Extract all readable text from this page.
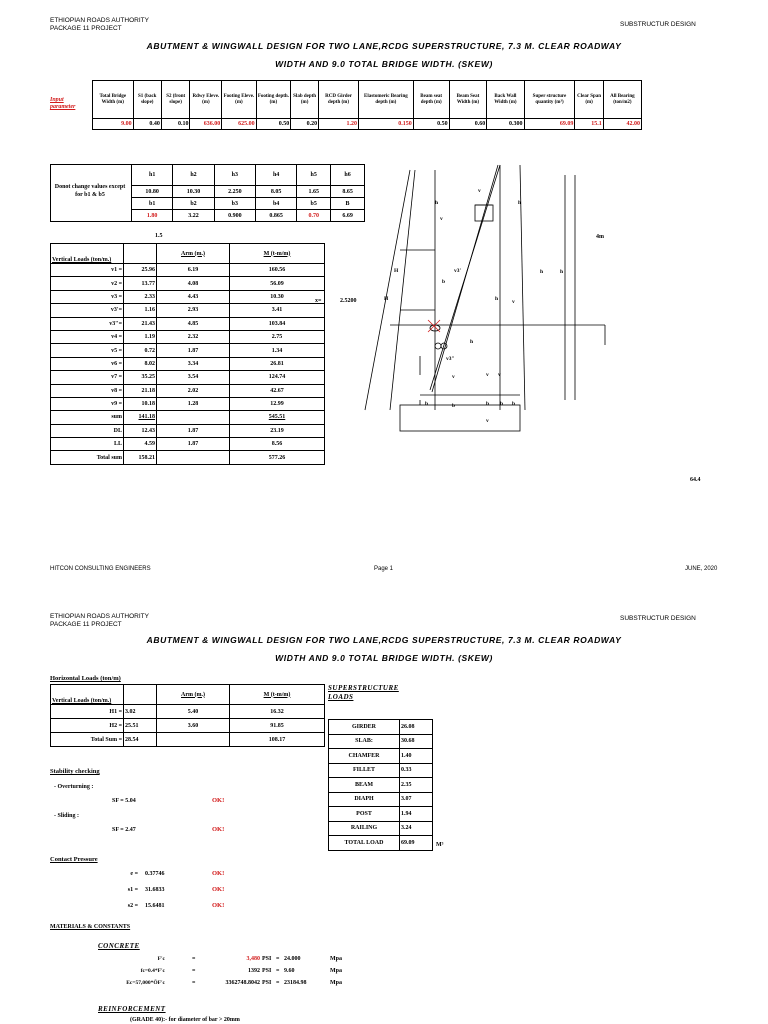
ETHIOPIAN ROADS AUTHORITY
PACKAGE 11 PROJECT
SUBSTRUCTUR DESIGN
ABUTMENT & WINGWALL DESIGN FOR TWO LANE,RCDG SUPERSTRUCTURE, 7.3 M. CLEAR ROADWAY
WIDTH AND 9.0 TOTAL BRIDGE WIDTH. (SKEW)
Input parameter
Total Bridge Width (m)	S1 (back slope)	S2 (front slope)	Rdwy Eleve. (m)	Footing Eleve. (m)	Footing depth. (m)	Slab depth (m)	RCD Girder depth (m)	Elastomeric Bearing depth (m)	Beam seat depth (m)	Beam Seat Width (m)	Back Wall Width (m)	Super structure quantity (m³)	Clear Span (m)	All Bearing (ton/m2)
9.00	0.40	0.10	636.00	625.00	0.50	0.20	1.20	0.150	0.50	0.60	0.300	69.09	15.1	42.00
Donot change values except for b1 & b5
	h1	h2	h3	h4	h5	h6
	10.80	10.30	2.250	8.05	1.65	8.65
	b1	b2	b3	b4	b5	B
	1.80	3.22	0.900	0.865	0.70	6.69
1.5
Vertical Loads (ton/m.)		Arm (m.)	M (t-m/m)
v1 =	25.96	6.19	160.56
v2 =	13.77	4.08	56.09
v3 =	2.33	4.43	10.30
v3'=	1.16	2.93	3.41
v3''=	21.43	4.85	103.84
v4 =	1.19	2.32	2.75
v5 =	0.72	1.87	1.34
v6 =	8.02	3.34	26.81
v7 =	35.25	3.54	124.74
v8 =	21.18	2.02	42.67
v9 =	10.18	1.28	12.99
sum	141.18		545.51
DL	12.43	1.87	23.19
LL	4.59	1.87	8.56
Total sum	158.21		577.26
v
h	h
v
H	v3'	h	h
H	h	v
b
h
v3"
v	v v
b	b	b b b
v
x=	2.5200
4m
64.4
HITCON CONSULTING ENGINEERS	Page 1	JUNE, 2020
ETHIOPIAN ROADS AUTHORITY
PACKAGE 11 PROJECT
SUBSTRUCTUR DESIGN
ABUTMENT & WINGWALL DESIGN FOR TWO LANE,RCDG SUPERSTRUCTURE, 7.3 M. CLEAR ROADWAY
WIDTH AND 9.0 TOTAL BRIDGE WIDTH. (SKEW)
Horizontal Loads (ton/m)
Vertical Loads (ton/m.)		Arm (m.)	M (t-m/m)
H1 =	3.02	5.40	16.32
H2 =	25.51	3.60	91.85
Total Sum =	28.54		108.17
SUPERSTRUCTURE LOADS
GIRDER	26.08
SLAB:	30.68
CHAMFER	1.40
FILLET	0.33
BEAM	2.35
DIAPH	3.07
POST	1.94
RAILING	3.24
TOTAL LOAD	69.09	M³
Stability checking
- Overturning :
SF = 5.04	OK!
- Sliding :
SF = 2.47	OK!
Contact Pressure
e = 0.37746	OK!
s1 = 31.6833	OK!
s2 = 15.6481	OK!
MATERIALS & CONSTANTS
CONCRETE
F'c	=	3,480 PSI = 24.000	Mpa
fc=0.4*F'c	=	1392 PSI = 9.60	Mpa
Ec=57,000*ÖF'c	=	3362748.8042 PSI = 23184.98	Mpa
REINFORCEMENT
(GRADE 40):- for diameter of bar > 20mm
